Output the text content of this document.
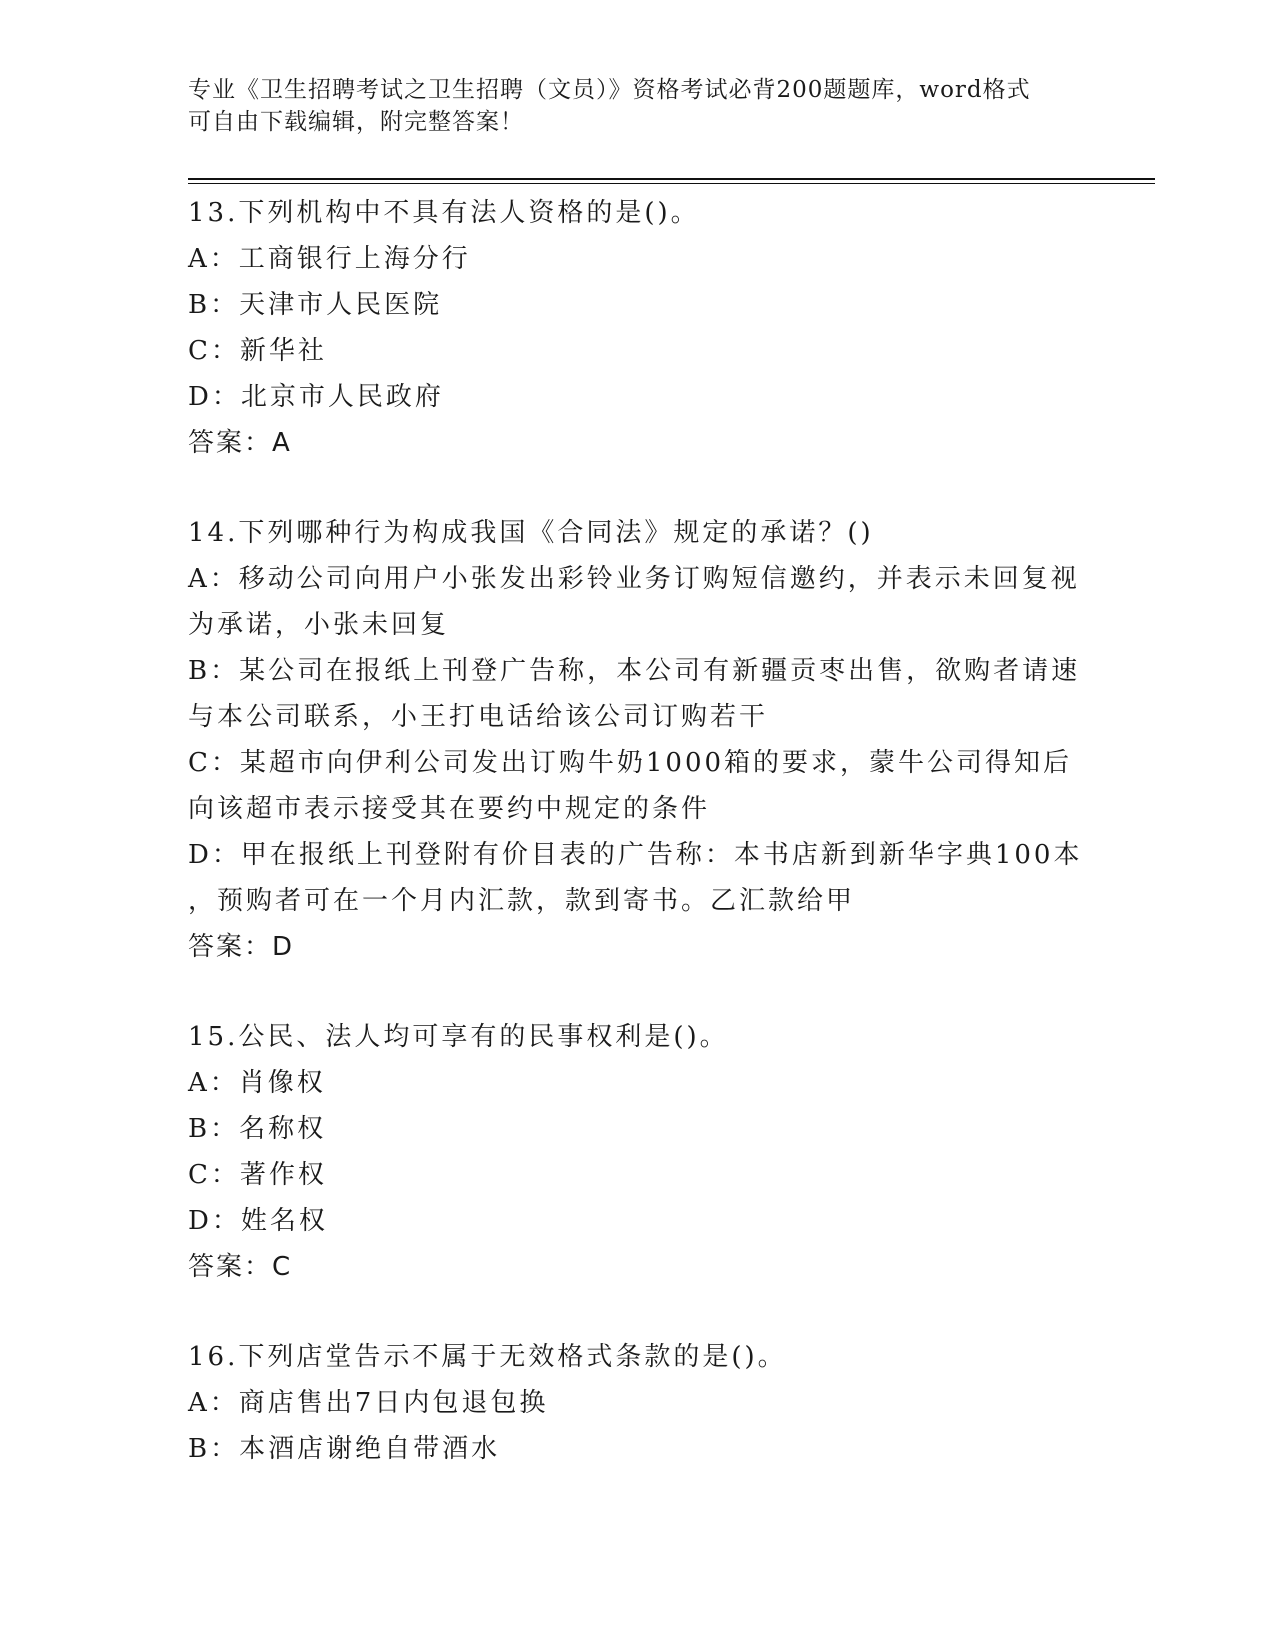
专业《卫生招聘考试之卫生招聘（文员）》资格考试必背200题题库，word格式
可自由下载编辑，附完整答案！
13.下列机构中不具有法人资格的是()。
A：工商银行上海分行
B：天津市人民医院
C：新华社
D：北京市人民政府
答案：A
14.下列哪种行为构成我国《合同法》规定的承诺？()
A：移动公司向用户小张发出彩铃业务订购短信邀约，并表示未回复视
为承诺，小张未回复
B：某公司在报纸上刊登广告称，本公司有新疆贡枣出售，欲购者请速
与本公司联系，小王打电话给该公司订购若干
C：某超市向伊利公司发出订购牛奶1000箱的要求，蒙牛公司得知后
向该超市表示接受其在要约中规定的条件
D：甲在报纸上刊登附有价目表的广告称：本书店新到新华字典100本
，预购者可在一个月内汇款，款到寄书。乙汇款给甲
答案：D
15.公民、法人均可享有的民事权利是()。
A：肖像权
B：名称权
C：著作权
D：姓名权
答案：C
16.下列店堂告示不属于无效格式条款的是()。
A：商店售出7日内包退包换
B：本酒店谢绝自带酒水
